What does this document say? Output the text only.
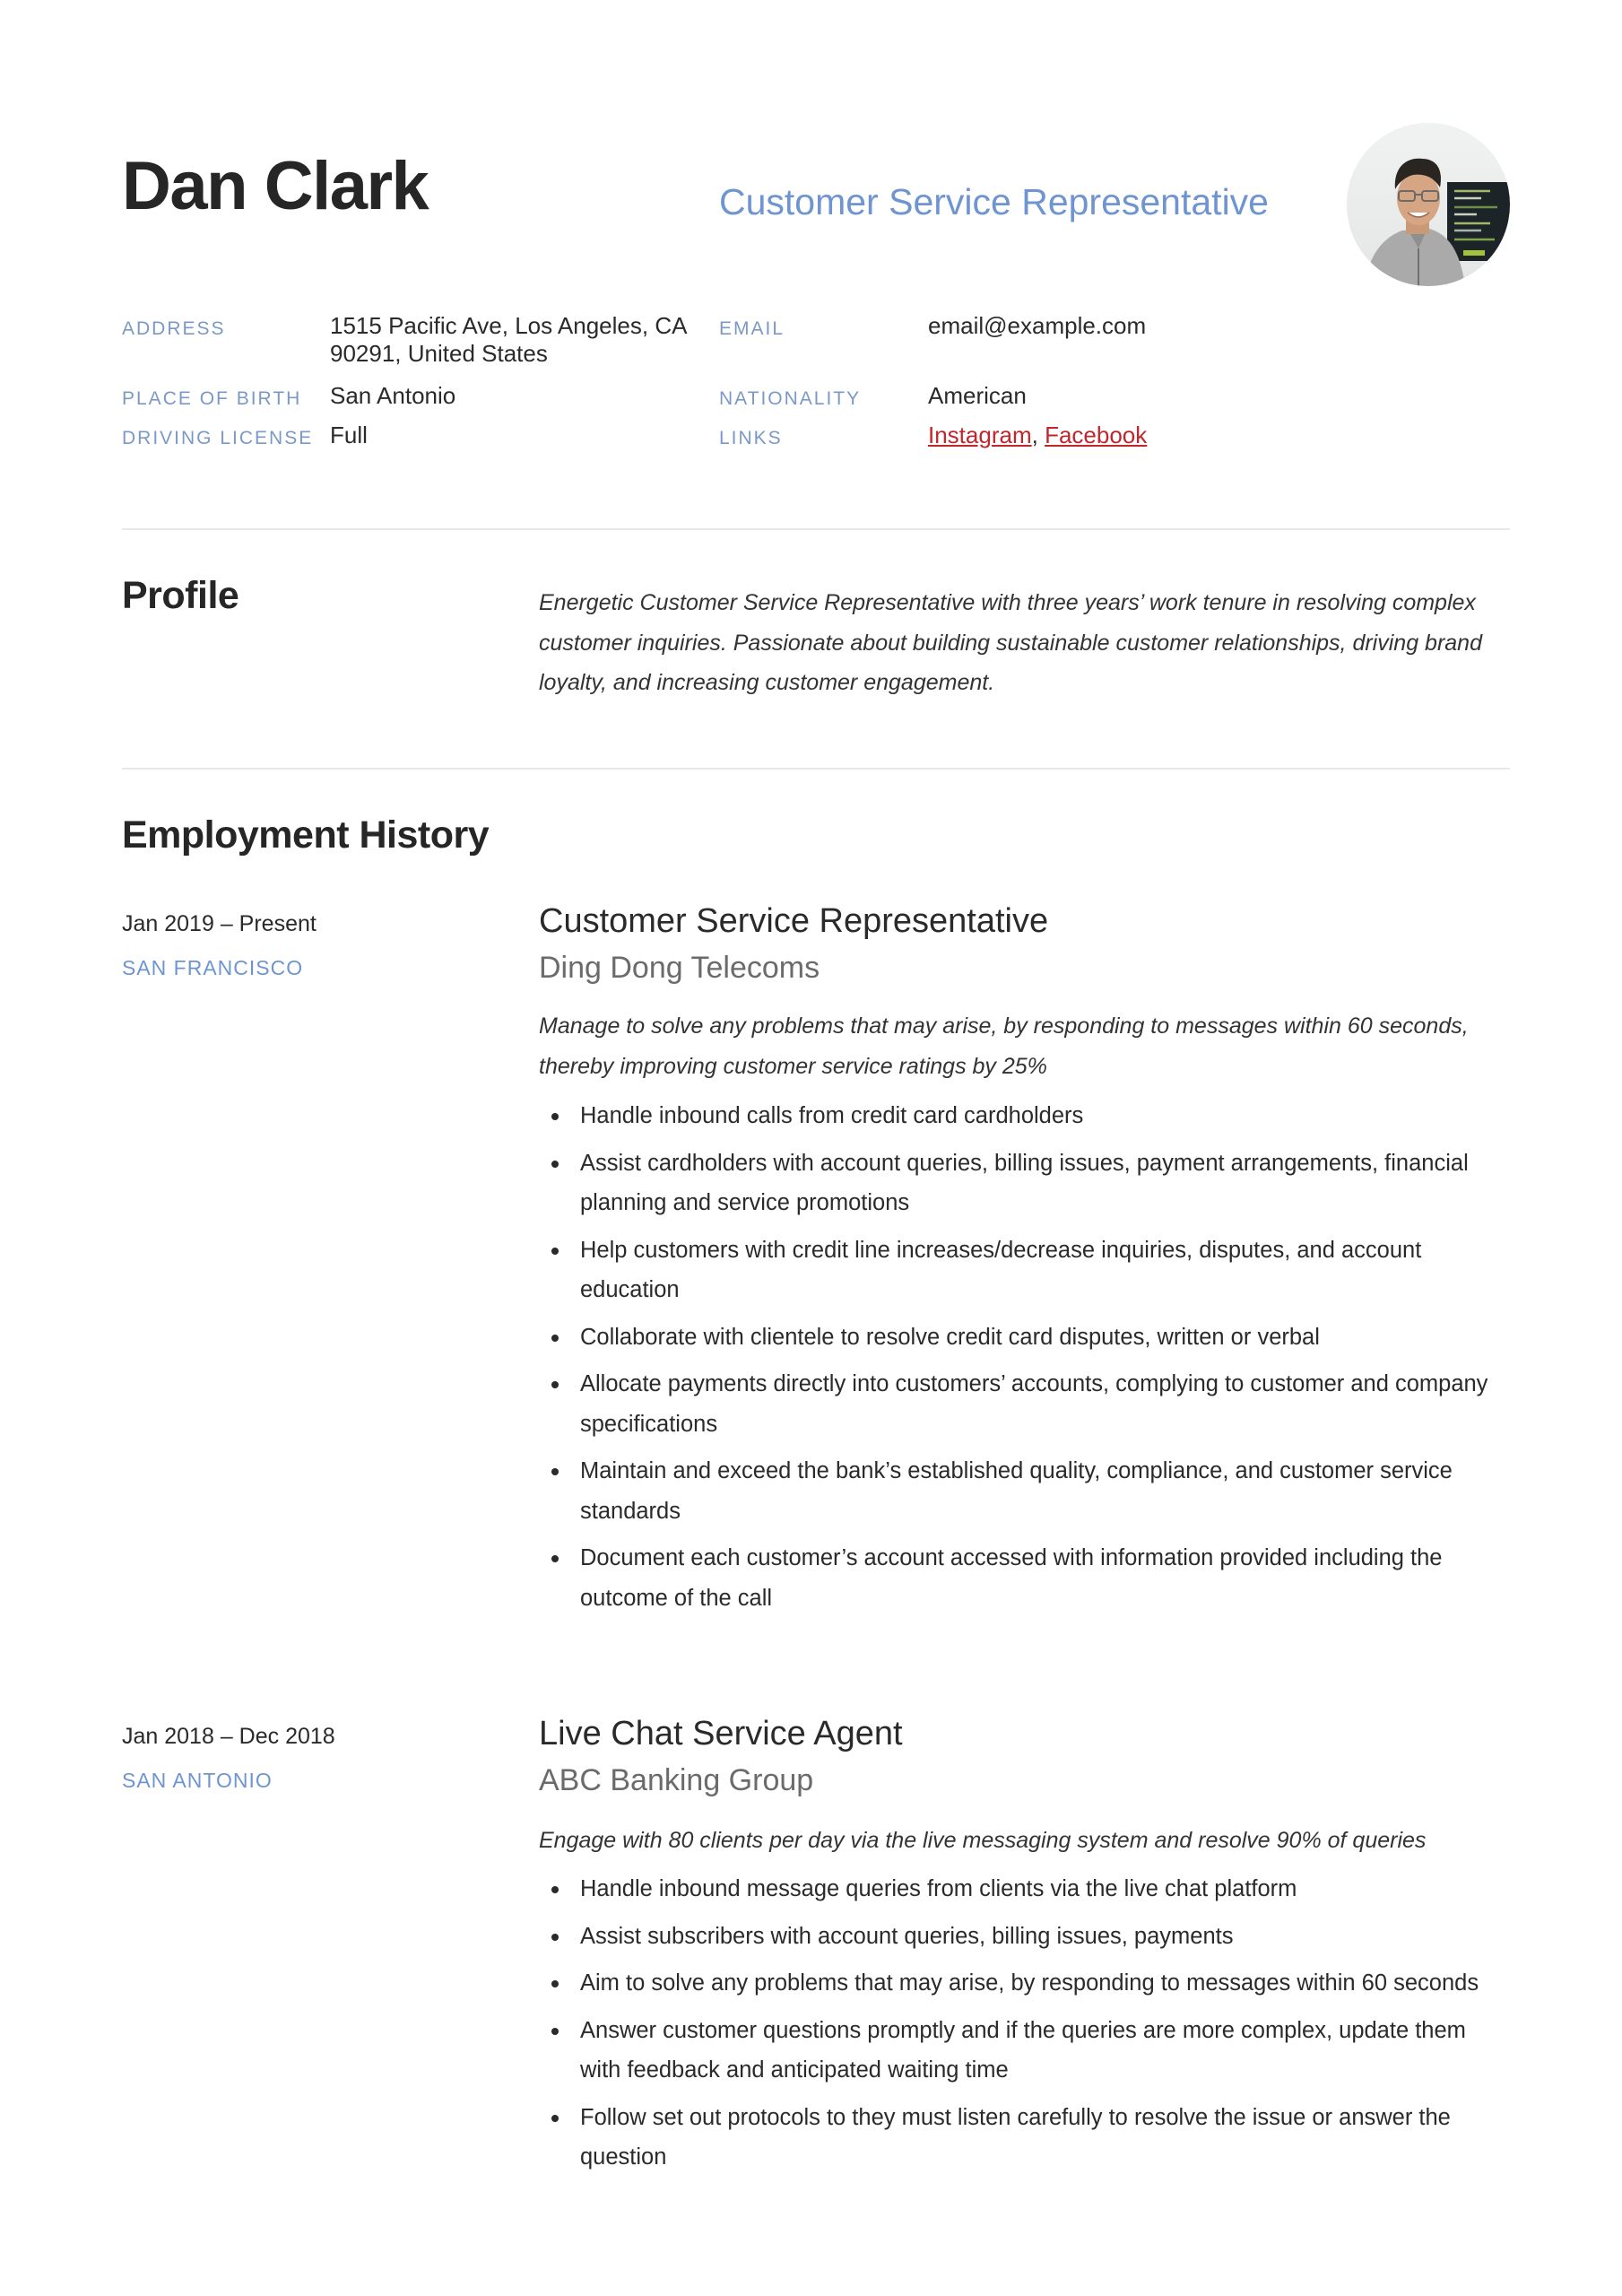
Dan Clark	Customer Service Representative
ADDRESS	1515 Pacific Ave, Los Angeles, CA
90291, United States
EMAIL	email@example.com
PLACE OF BIRTH San Antonio	NATIONALITY	American
DRIVING LICENSE Full	LINKS	Instagram, Facebook
Profile	Energetic Customer Service Representative with three years’ work tenure in resolving complex customer inquiries. Passionate about building sustainable customer relationships, driving brand loyalty, and increasing customer engagement.
Employment History
Jan 2019 – Present
SAN FRANCISCO
Customer Service Representative
Ding Dong Telecoms
Manage to solve any problems that may arise, by responding to messages within 60 seconds, thereby improving customer service ratings by 25%
Handle inbound calls from credit card cardholders
Assist cardholders with account queries, billing issues, payment arrangements, financial planning and service promotions
Help customers with credit line increases/decrease inquiries, disputes, and account education
Collaborate with clientele to resolve credit card disputes, written or verbal
Allocate payments directly into customers’ accounts, complying to customer and company specifications
Maintain and exceed the bank’s established quality, compliance, and customer service standards
Document each customer’s account accessed with information provided including the outcome of the call
Jan 2018 – Dec 2018
SAN ANTONIO
Live Chat Service Agent
ABC Banking Group
Engage with 80 clients per day via the live messaging system and resolve 90% of queries
Handle inbound message queries from clients via the live chat platform
Assist subscribers with account queries, billing issues, payments
Aim to solve any problems that may arise, by responding to messages within 60 seconds
Answer customer questions promptly and if the queries are more complex, update them with feedback and anticipated waiting time
Follow set out protocols to they must listen carefully to resolve the issue or answer the question
